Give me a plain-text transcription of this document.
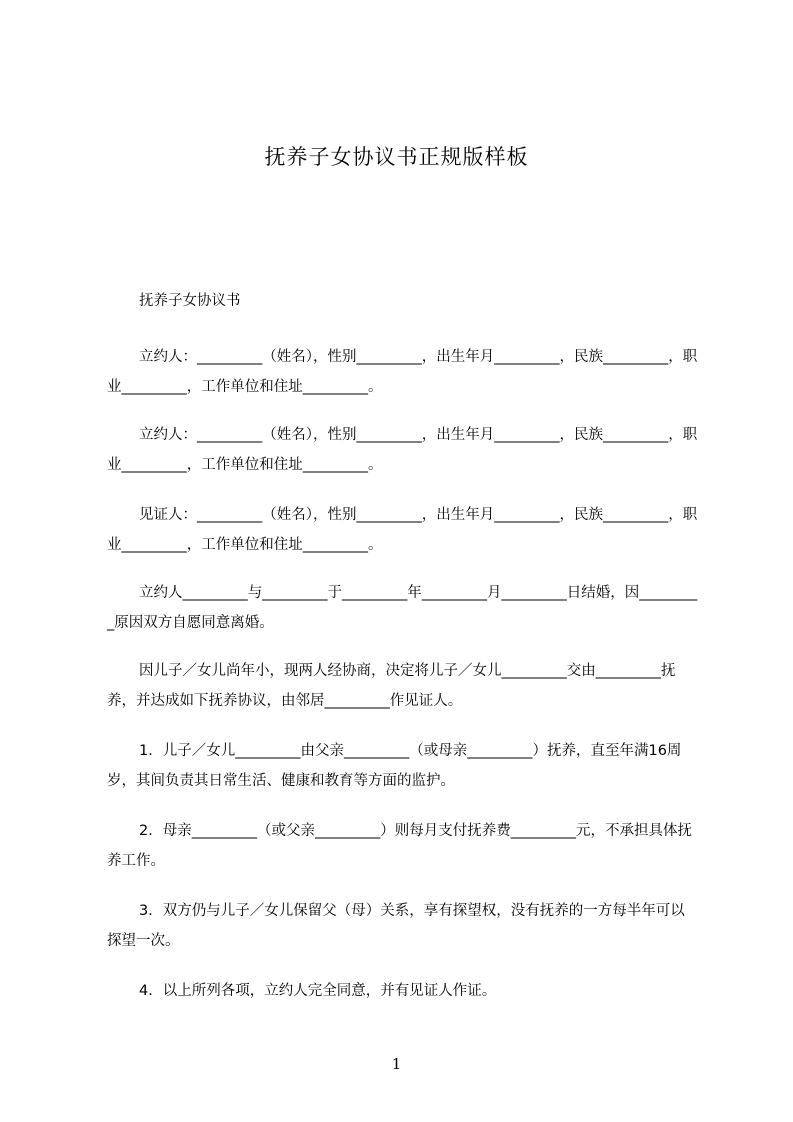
抚养子女协议书正规版样板

抚养子女协议书

立约人：_________（姓名），性别_________，出生年月_________，民族_________，职业_________，工作单位和住址_________。

立约人：_________（姓名），性别_________，出生年月_________，民族_________，职业_________，工作单位和住址_________。

见证人：_________（姓名），性别_________，出生年月_________，民族_________，职业_________，工作单位和住址_________。

立约人_________与_________于_________年_________月_________日结婚，因_________原因双方自愿同意离婚。

因儿子／女儿尚年小，现两人经协商，决定将儿子／女儿_________交由_________抚养，并达成如下抚养协议，由邻居_________作见证人。

1．儿子／女儿_________由父亲_________（或母亲_________）抚养，直至年满16周岁，其间负责其日常生活、健康和教育等方面的监护。

2．母亲_________（或父亲_________）则每月支付抚养费_________元，不承担具体抚养工作。

3．双方仍与儿子／女儿保留父（母）关系，享有探望权，没有抚养的一方每半年可以探望一次。

4．以上所列各项，立约人完全同意，并有见证人作证。

1
